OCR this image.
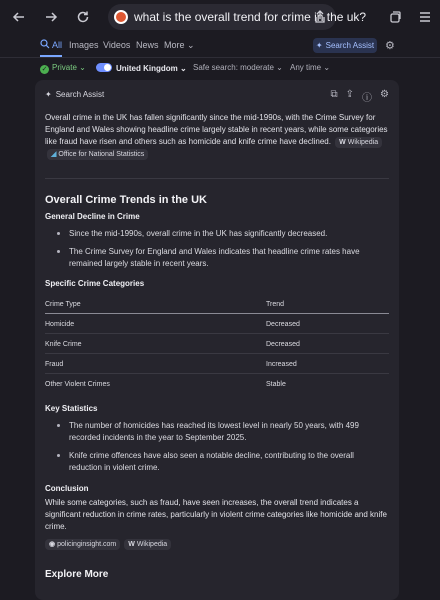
what is the overall trend for crime in the uk?
All Images Videos News More ⌄	✦ Search Assist ⚙
✓ Private ⌄	United Kingdom ⌄ Safe search: moderate ⌄ Any time ⌄
✦ Search Assist	⧉ ⇪ ⓘ ⚙
Overall crime in the UK has fallen significantly since the mid-1990s, with the Crime Survey for England and Wales showing headline crime largely stable in recent years, while some categories like fraud have risen and others such as homicide and knife crime have declined. W Wikipedia ◢ Office for National Statistics
Overall Crime Trends in the UK
General Decline in Crime
Since the mid-1990s, overall crime in the UK has significantly decreased.
The Crime Survey for England and Wales indicates that headline crime rates have remained largely stable in recent years.
Specific Crime Categories
Crime Type	Trend
Homicide	Decreased
Knife Crime	Decreased
Fraud	Increased
Other Violent Crimes	Stable
Key Statistics
The number of homicides has reached its lowest level in nearly 50 years, with 499 recorded incidents in the year to September 2025.
Knife crime offences have also seen a notable decline, contributing to the overall reduction in violent crime.
Conclusion
While some categories, such as fraud, have seen increases, the overall trend indicates a significant reduction in crime rates, particularly in violent crime categories like homicide and knife crime.
◉ policinginsight.com W Wikipedia
Explore More
